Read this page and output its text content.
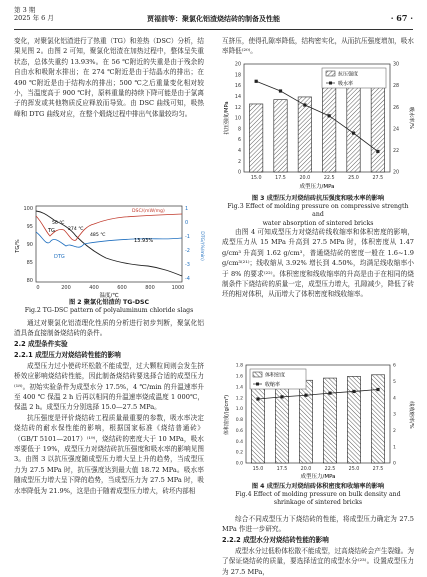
第 3 期
2025 年 6 月	贾福前等：聚氯化铝渣烧结砖的制备及性能	· 67 ·

变化，对聚氯化铝渣进行了热重（TG）和差热（DSC）分析，结果见图 2。由图 2 可知，聚氯化铝渣在加热过程中，整体呈失重状态，总体失重约 13.93%。在 56 ℃附近的失重是由于残余的自由水和吸附水排出；在 274 ℃附近是由于结晶水的排出；在 490 ℃附近是由于结构水的排出；500 ℃之后重量变化相对较小，当温度高于 900 ℃时，原料重量的持续下降可能是由于氯离子的挥发或其他物质反应释放而导致。由 DSC 曲线可知，吸热峰和 DTG 曲线对应，在整个煅烧过程中排出气体量较均匀。

100
95
90
85
80
1
0
-1
-2
-3
-4
0	200	400	600	800	1000
温度/℃
TG/%	DTG/(%/min)
TG
56 ℃
274 ℃
485 ℃
13.93%
DSC/(mW/mg)
DTG
图 2 聚氯化铝渣的 TG-DSC
Fig.2 TG-DSC pattern of polyaluminum chloride slags

通过对聚氯化铝渣理化性质的分析进行初步判断，聚氯化铝渣具备直接制备烧结砖的条件。

2.2 成型条件实验
2.2.1 成型压力对烧结砖性能的影响

成型压力过小使砖坯松散不能成型，过大颗粒间则会发生挤桥效应影响烧结砖性能，因此制备烧结砖要选择合适的成型压力⁽¹⁸⁾。初始实验条件为成型水分 17.5%，4 ℃/min 的升温速率升至 400 ℃ 保温 2 h 后再以相同的升温速率烧成温度 1 000℃，保温 2 h。成型压力分别选择 15.0—27.5 MPa。

抗压强度是评价烧结砖工程质量最重要的参数，吸水率决定烧结砖的耐水保性能的影响，根据国家标准《烧结普通砖》（GB/T 5101—2017）⁽¹⁹⁾，烧结砖的密度大于 10 MPa，吸水率要低于 19%，成型压力对烧结砖抗压强度和吸水率的影响见图 3。由图 3 以抗压强度随成型压力增大呈上升的趋势，当成型压力为 27.5 MPa 时，抗压强度达到最大值 18.72 MPa。吸水率随成型压力增大呈下降的趋势，当成型压力为 27.5 MPa 时，吸水率降低为 21.9%，这是由于随着成型压力增大，砖坯内部相

互挤压，使得孔隙率降低，结构密实化，从而抗压强度增加，吸水率降低⁽²⁰⁾。

20
18
16
14
12
10
8
6
4
2
0
30
28
26
24
22
20
15.0	17.5	20.0	22.5	25.0	27.5
抗压强度
吸水率
抗压强度/MPa	吸水率/%
成型压力/MPa
图 3 成型压力对烧结砖抗压强度和吸水率的影响
Fig.3 Effect of molding pressure on compressive strength and
water absorption of sintered bricks

由图 4 可知成型压力对烧结砖线收缩率和体积密度的影响，成型压力从 15 MPa 升高到 27.5 MPa 时，体积密度从 1.47 g/cm³ 升高到 1.62 g/cm³，普通烧结砖的密度一般在 1.6~1.9 g/cm³⁽²¹⁾；线收缩从 3.92% 增长到 4.50%，均满足线收缩率小于 8% 的要求⁽²²⁾。体积密度和线收缩率的升高是由于在相同的烧制条件下烧结砖的质量一定，成型压力增大，孔隙减少，降低了砖坯的相对体积，从而增大了体积密度和线收缩率。

1.8
1.6
1.4
1.2
1.0
0.8
0.6
0.4
0.2
0.0
6
5
4
3
2
1
0
15.0	17.5	20.0	22.5	25.0	27.5
体积密度
收缩率
体积密度/(g/cm³)	线收缩率/%
成型压力/MPa
图 4 成型压力对烧结砖体积密度和收缩率的影响
Fig.4 Effect of molding pressure on bulk density and
shrinkage of sintered bricks

综合不同成型压力下烧结砖的性能，将成型压力确定为 27.5 MPa 作进一步研究。

2.2.2 成型水分对烧结砖性能的影响

成型水分过低粉体松散不能成型，过高烧结砖会产生裂缝。为了保证烧结砖的质量，要选择适宜的成型水分⁽²³⁾。设置成型压力为 27.5 MPa，
